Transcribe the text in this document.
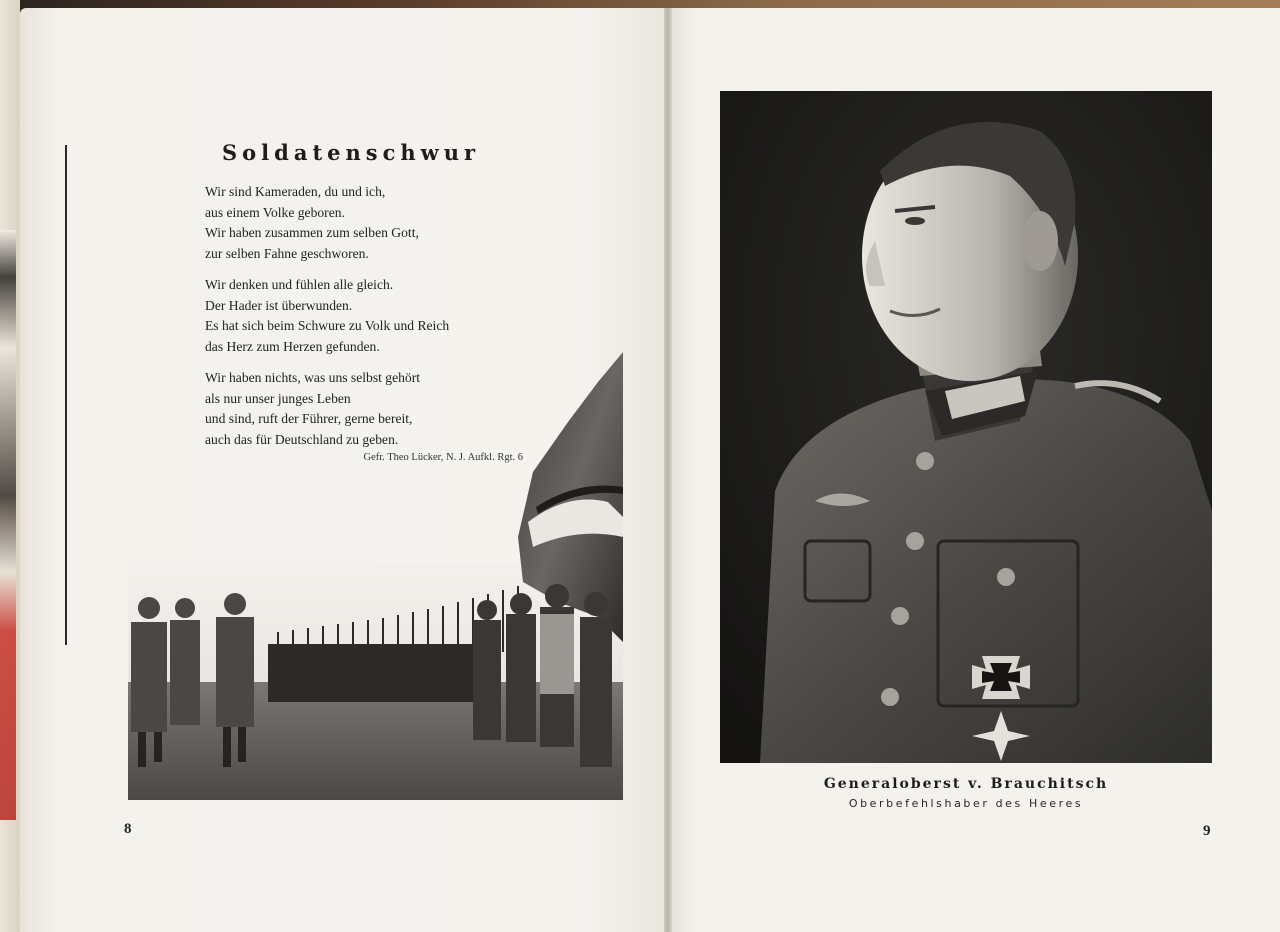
Soldatenschwur
Wir sind Kameraden, du und ich,
aus einem Volke geboren.
Wir haben zusammen zum selben Gott,
zur selben Fahne geschworen.
Wir denken und fühlen alle gleich.
Der Hader ist überwunden.
Es hat sich beim Schwure zu Volk und Reich
das Herz zum Herzen gefunden.
Wir haben nichts, was uns selbst gehört
als nur unser junges Leben
und sind, ruft der Führer, gerne bereit,
auch das für Deutschland zu geben.
Gefr. Theo Lücker, N. J. Aufkl. Rgt. 6
8
Generaloberst v. Brauchitsch
Oberbefehlshaber des Heeres
9
